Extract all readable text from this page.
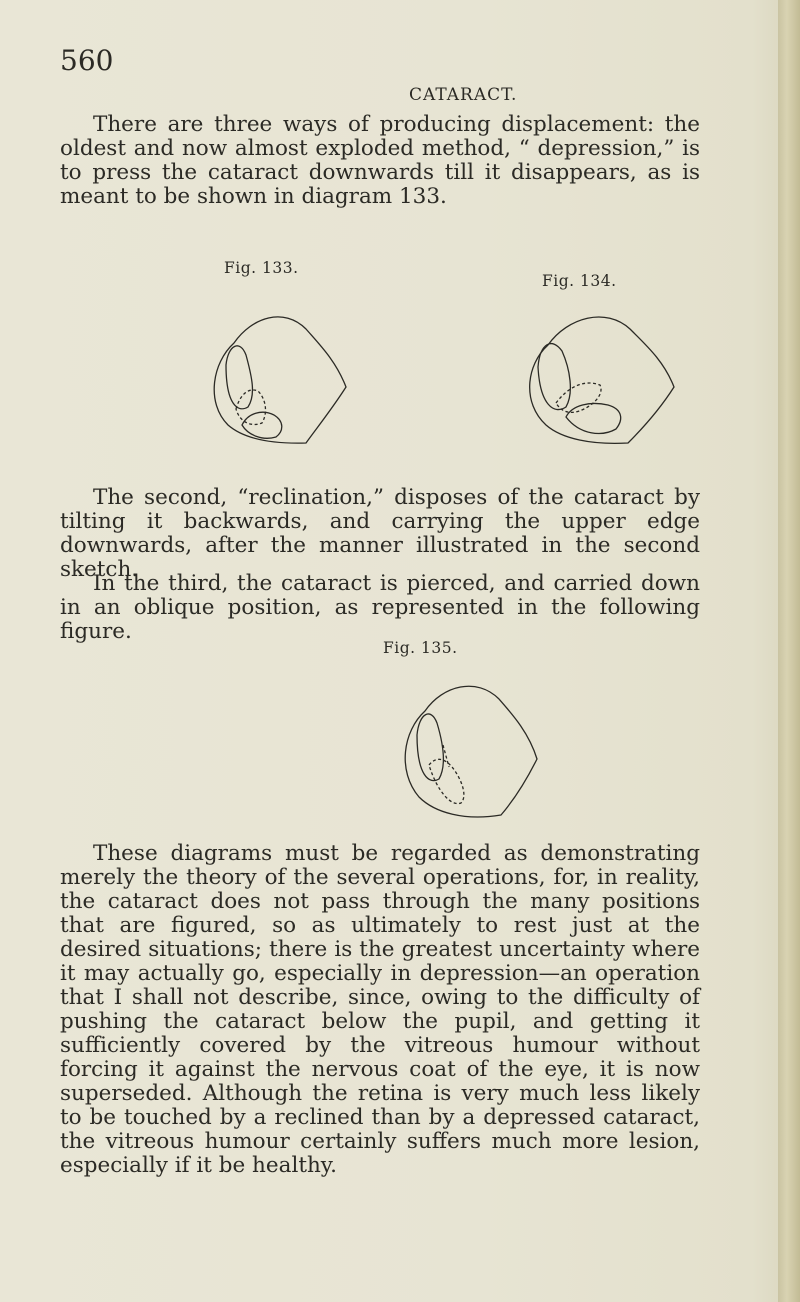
560
CATARACT.

There are three ways of producing displacement: the oldest and now almost exploded method, “ depression,” is to press the cataract downwards till it disappears, as is meant to be shown in diagram 133.

Fig. 133.
Fig. 134.

The second, “reclination,” disposes of the cataract by tilting it backwards, and carrying the upper edge downwards, after the manner illustrated in the second sketch.

In the third, the cataract is pierced, and carried down in an oblique position, as represented in the following figure.

Fig. 135.

These diagrams must be regarded as demonstrating merely the theory of the several operations, for, in reality, the cataract does not pass through the many positions that are figured, so as ultimately to rest just at the desired situations; there is the greatest uncertainty where it may actually go, especially in depression—an operation that I shall not describe, since, owing to the difficulty of pushing the cataract below the pupil, and getting it sufficiently covered by the vitreous humour without forcing it against the nervous coat of the eye, it is now superseded. Although the retina is very much less likely to be touched by a reclined than by a depressed cataract, the vitreous humour certainly suffers much more lesion, especially if it be healthy.
